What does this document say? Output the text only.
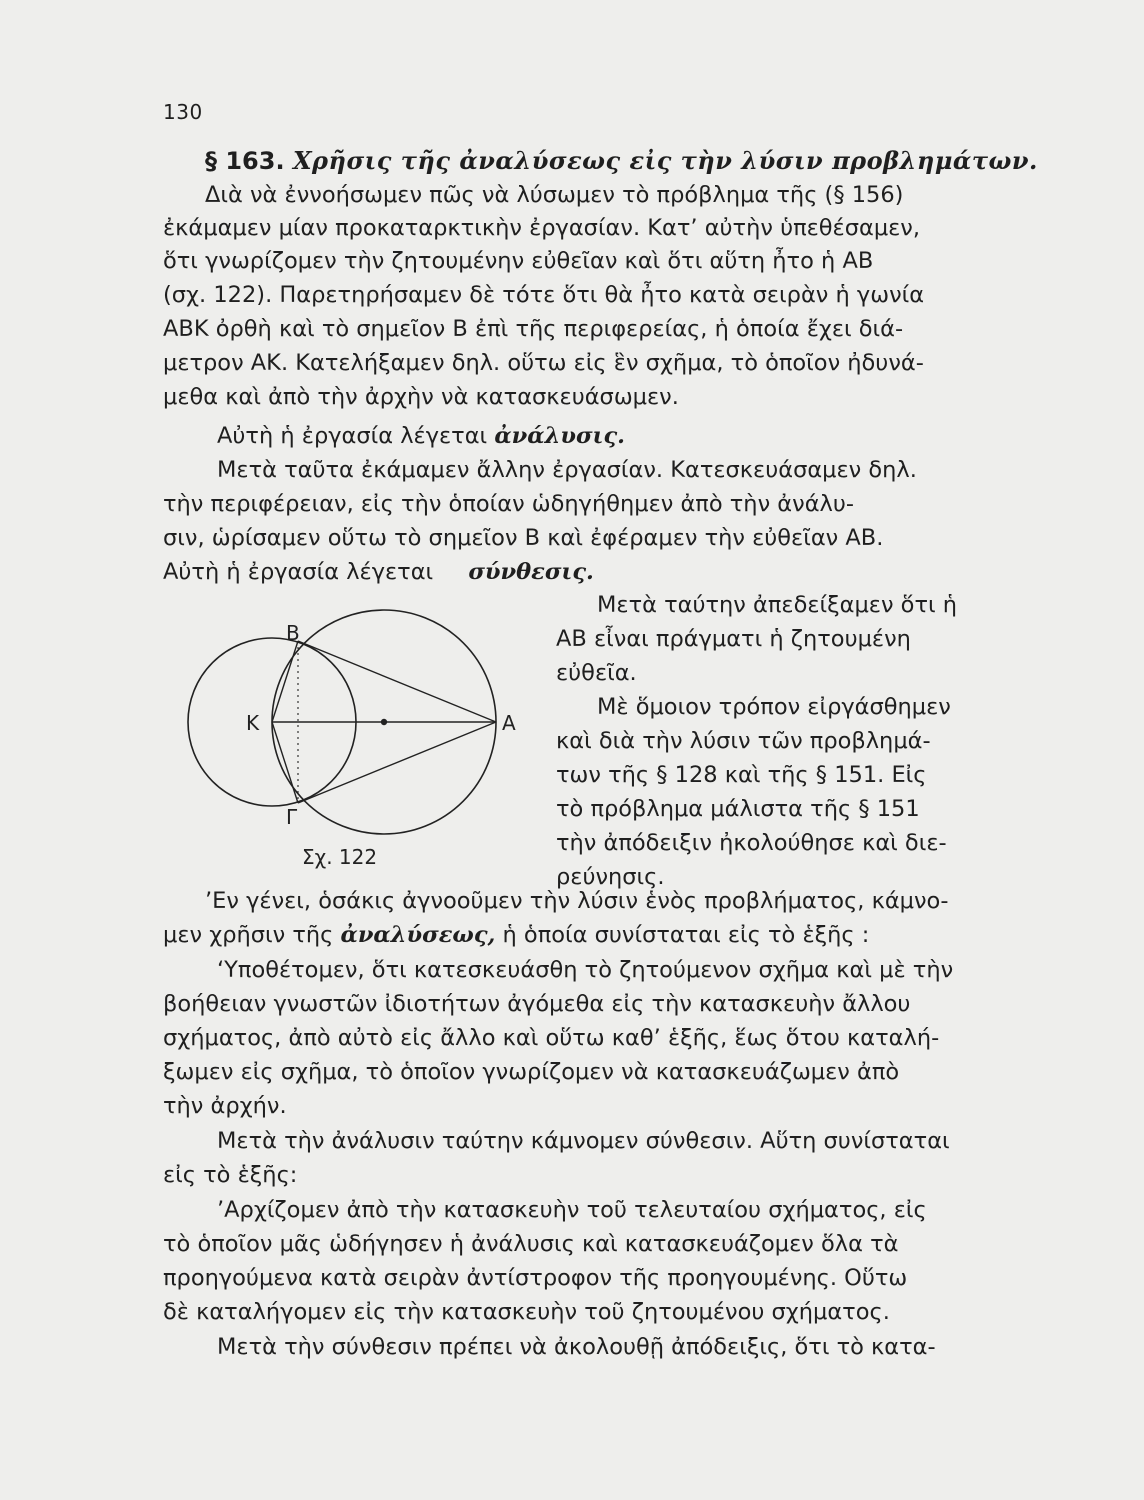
130
§ 163. Χρῆσις τῆς ἀναλύσεως εἰς τὴν λύσιν προβλημάτων.
Διὰ νὰ ἐννοήσωμεν πῶς νὰ λύσωμεν τὸ πρόβλημα τῆς (§ 156)
ἐκάμαμεν μίαν προκαταρκτικὴν ἐργασίαν. Κατ’ αὐτὴν ὑπεθέσαμεν,
ὅτι γνωρίζομεν τὴν ζητουμένην εὐθεῖαν καὶ ὅτι αὕτη ἦτο ἡ ΑΒ
(σχ. 122). Παρετηρήσαμεν δὲ τότε ὅτι θὰ ἦτο κατὰ σειρὰν ἡ γωνία
ΑΒΚ ὀρθὴ καὶ τὸ σημεῖον Β ἐπὶ τῆς περιφερείας, ἡ ὁποία ἔχει διά-
μετρον ΑΚ. Κατελήξαμεν δηλ. οὕτω εἰς ἓν σχῆμα, τὸ ὁποῖον ἠδυνά-
μεθα καὶ ἀπὸ τὴν ἀρχὴν νὰ κατασκευάσωμεν.
Αὐτὴ ἡ ἐργασία λέγεται ἀνάλυσις.
Μετὰ ταῦτα ἐκάμαμεν ἄλλην ἐργασίαν. Κατεσκευάσαμεν δηλ.
τὴν περιφέρειαν, εἰς τὴν ὁποίαν ὡδηγήθημεν ἀπὸ τὴν ἀνάλυ-
σιν, ὡρίσαμεν οὕτω τὸ σημεῖον Β καὶ ἐφέραμεν τὴν εὐθεῖαν ΑΒ.
Αὐτὴ ἡ ἐργασία λέγεται σύνθεσις.
Μετὰ ταύτην ἀπεδείξαμεν ὅτι ἡ
ΑΒ εἶναι πράγματι ἡ ζητουμένη
εὐθεῖα.
Μὲ ὅμοιον τρόπον εἰργάσθημεν
καὶ διὰ τὴν λύσιν τῶν προβλημά-
των τῆς § 128 καὶ τῆς § 151. Εἰς
τὸ πρόβλημα μάλιστα τῆς § 151
τὴν ἀπόδειξιν ἠκολούθησε καὶ διε-
ρεύνησις.
Β
Κ	Α
Γ
Σχ. 122
’Εν γένει, ὁσάκις ἀγνοοῦμεν τὴν λύσιν ἑνὸς προβλήματος, κάμνο-
μεν χρῆσιν τῆς ἀναλύσεως, ἡ ὁποία συνίσταται εἰς τὸ ἑξῆς :
‘Υποθέτομεν, ὅτι κατεσκευάσθη τὸ ζητούμενον σχῆμα καὶ μὲ τὴν
βοήθειαν γνωστῶν ἰδιοτήτων ἀγόμεθα εἰς τὴν κατασκευὴν ἄλλου
σχήματος, ἀπὸ αὐτὸ εἰς ἄλλο καὶ οὕτω καθ’ ἑξῆς, ἕως ὅτου καταλή-
ξωμεν εἰς σχῆμα, τὸ ὁποῖον γνωρίζομεν νὰ κατασκευάζωμεν ἀπὸ
τὴν ἀρχήν.
Μετὰ τὴν ἀνάλυσιν ταύτην κάμνομεν σύνθεσιν. Αὕτη συνίσταται
εἰς τὸ ἑξῆς:
’Αρχίζομεν ἀπὸ τὴν κατασκευὴν τοῦ τελευταίου σχήματος, εἰς
τὸ ὁποῖον μᾶς ὡδήγησεν ἡ ἀνάλυσις καὶ κατασκευάζομεν ὅλα τὰ
προηγούμενα κατὰ σειρὰν ἀντίστροφον τῆς προηγουμένης. Οὕτω
δὲ καταλήγομεν εἰς τὴν κατασκευὴν τοῦ ζητουμένου σχήματος.
Μετὰ τὴν σύνθεσιν πρέπει νὰ ἀκολουθῇ ἀπόδειξις, ὅτι τὸ κατα-
